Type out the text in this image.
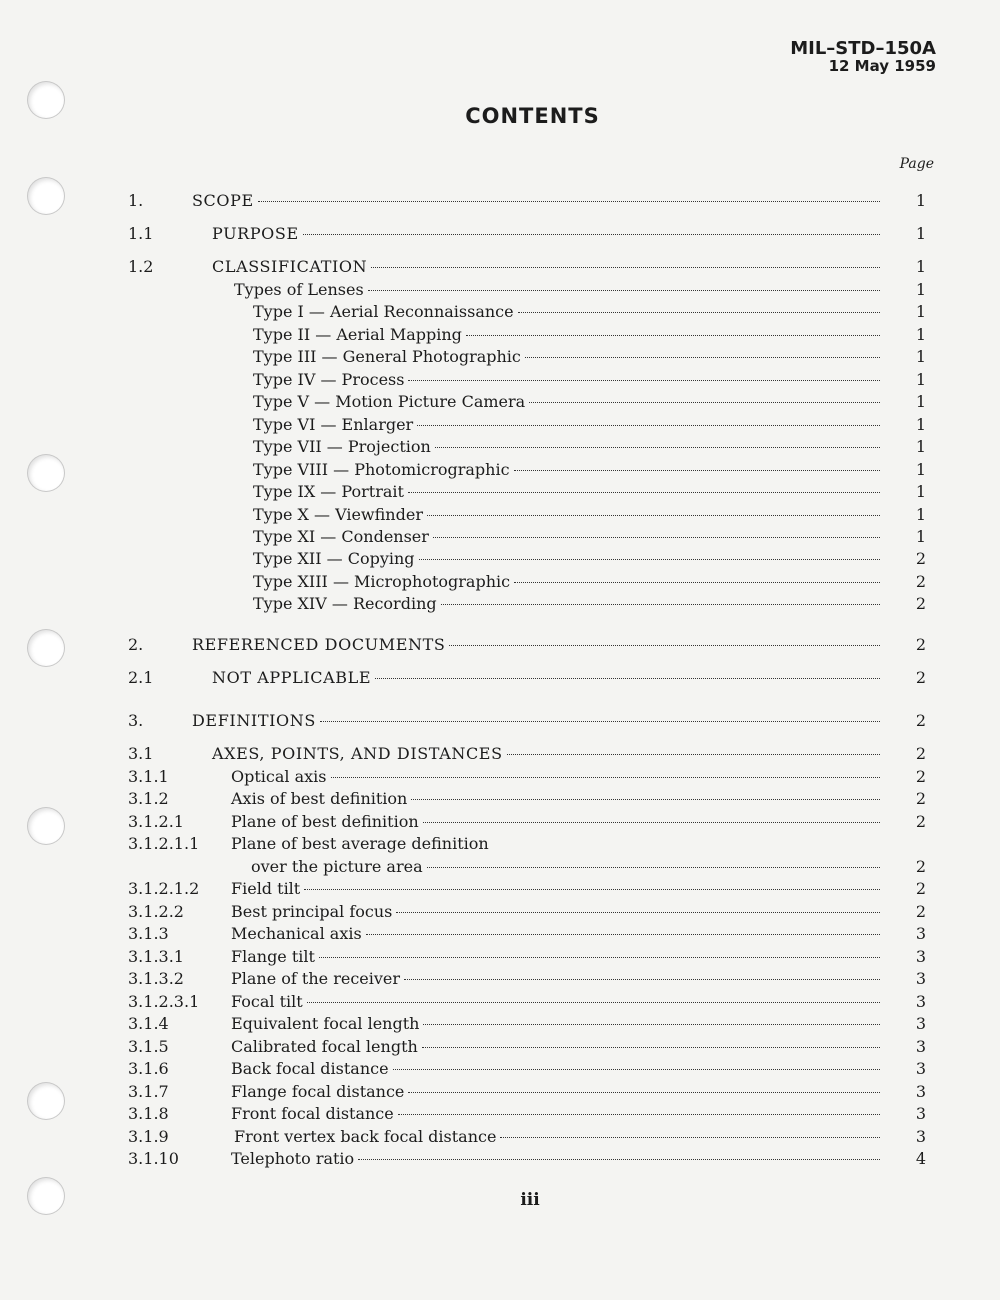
MIL–STD–150A
12 May 1959
CONTENTS
Page
1.	SCOPE	1
1.1	PURPOSE	1
1.2	CLASSIFICATION	1
Types of Lenses	1
Type I — Aerial Reconnaissance	1
Type II — Aerial Mapping	1
Type III — General Photographic	1
Type IV — Process	1
Type V — Motion Picture Camera	1
Type VI — Enlarger	1
Type VII — Projection	1
Type VIII — Photomicrographic	1
Type IX — Portrait	1
Type X — Viewfinder	1
Type XI — Condenser	1
Type XII — Copying	2
Type XIII — Microphotographic	2
Type XIV — Recording	2
2.	REFERENCED DOCUMENTS	2
2.1	NOT APPLICABLE	2
3.	DEFINITIONS	2
3.1	AXES, POINTS, AND DISTANCES	2
3.1.1	Optical axis	2
3.1.2	Axis of best definition	2
3.1.2.1	Plane of best definition	2
3.1.2.1.1 Plane of best average definition
over the picture area	2
3.1.2.1.2 Field tilt	2
3.1.2.2	Best principal focus	2
3.1.3	Mechanical axis	3
3.1.3.1	Flange tilt	3
3.1.3.2	Plane of the receiver	3
3.1.2.3.1 Focal tilt	3
3.1.4	Equivalent focal length	3
3.1.5	Calibrated focal length	3
3.1.6	Back focal distance	3
3.1.7	Flange focal distance	3
3.1.8	Front focal distance	3
3.1.9	Front vertex back focal distance	3
3.1.10	Telephoto ratio	4
iii
